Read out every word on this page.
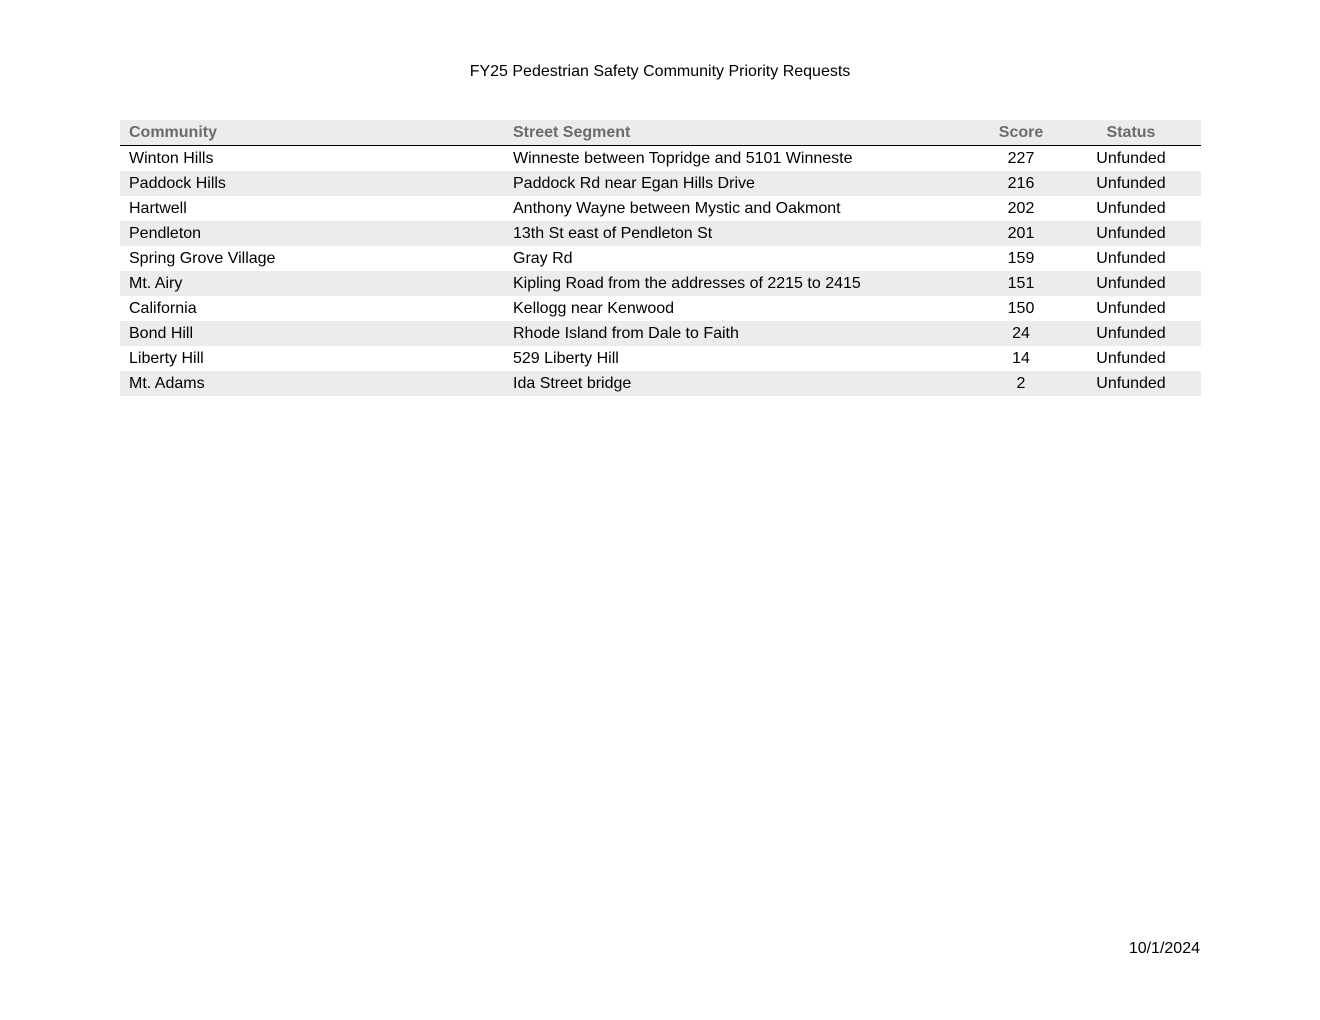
FY25 Pedestrian Safety Community Priority Requests
Community	Street Segment	Score	Status
Winton Hills	Winneste between Topridge and 5101 Winneste	227	Unfunded
Paddock Hills	Paddock Rd near Egan Hills Drive	216	Unfunded
Hartwell	Anthony Wayne between Mystic and Oakmont	202	Unfunded
Pendleton	13th St east of Pendleton St	201	Unfunded
Spring Grove Village	Gray Rd	159	Unfunded
Mt. Airy	Kipling Road from the addresses of 2215 to 2415	151	Unfunded
California	Kellogg near Kenwood	150	Unfunded
Bond Hill	Rhode Island from Dale to Faith	24	Unfunded
Liberty Hill	529 Liberty Hill	14	Unfunded
Mt. Adams	Ida Street bridge	2	Unfunded
10/1/2024
